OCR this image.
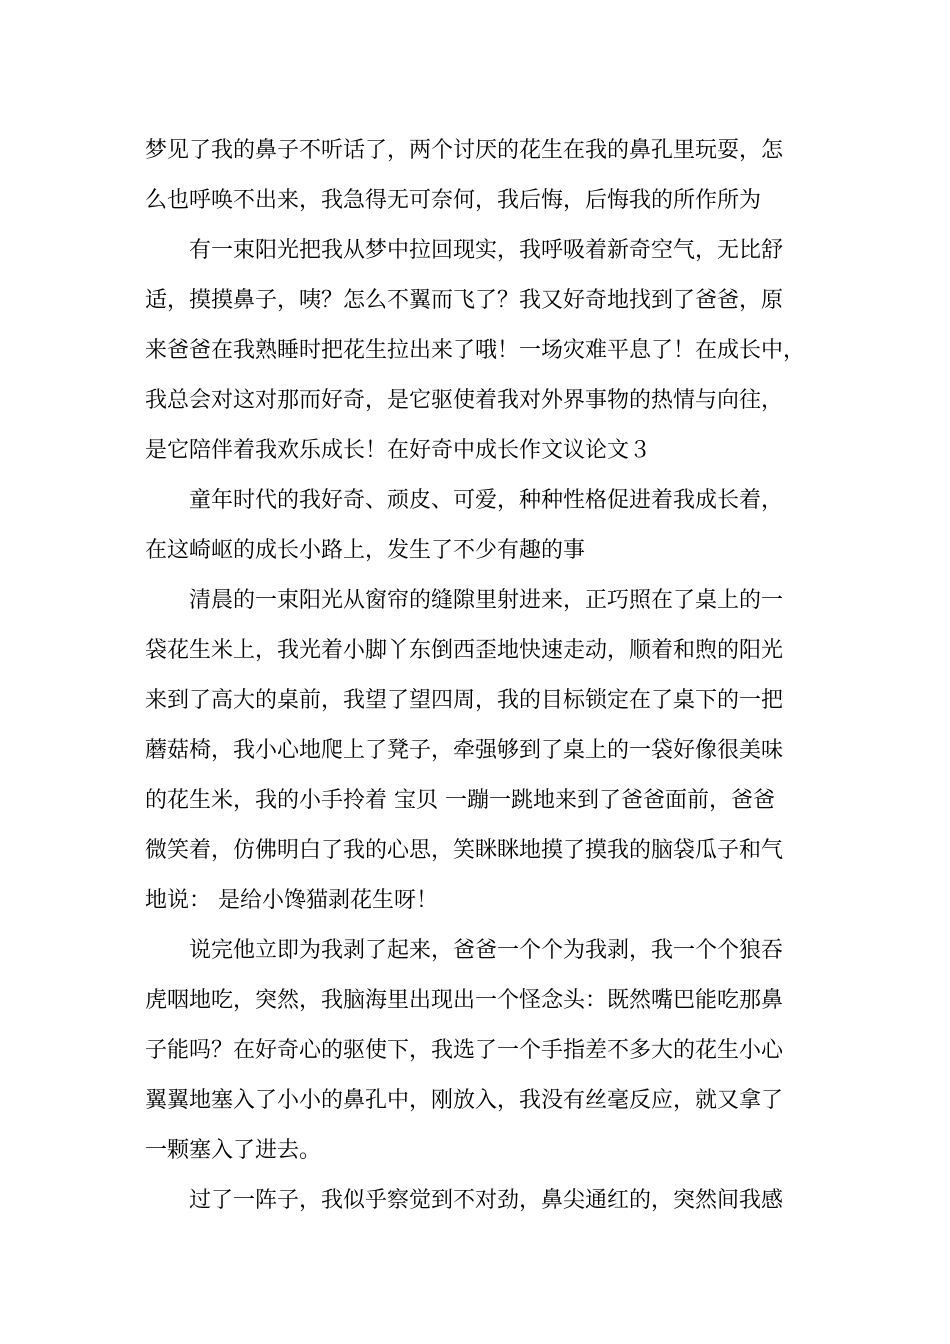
梦见了我的鼻子不听话了，两个讨厌的花生在我的鼻孔里玩耍，怎
么也呼唤不出来，我急得无可奈何，我后悔，后悔我的所作所为
有一束阳光把我从梦中拉回现实，我呼吸着新奇空气，无比舒
适，摸摸鼻子，咦？怎么不翼而飞了？我又好奇地找到了爸爸，原
来爸爸在我熟睡时把花生拉出来了哦！一场灾难平息了！在成长中，
我总会对这对那而好奇，是它驱使着我对外界事物的热情与向往，
是它陪伴着我欢乐成长！在好奇中成长作文议论文３
童年时代的我好奇、顽皮、可爱，种种性格促进着我成长着，
在这崎岖的成长小路上，发生了不少有趣的事
清晨的一束阳光从窗帘的缝隙里射进来，正巧照在了桌上的一
袋花生米上，我光着小脚丫东倒西歪地快速走动，顺着和煦的阳光
来到了高大的桌前，我望了望四周，我的目标锁定在了桌下的一把
蘑菇椅，我小心地爬上了凳子，牵强够到了桌上的一袋好像很美味
的花生米，我的小手拎着 宝贝 一蹦一跳地来到了爸爸面前，爸爸
微笑着，仿佛明白了我的心思，笑眯眯地摸了摸我的脑袋瓜子和气
地说： 是给小馋猫剥花生呀！
说完他立即为我剥了起来，爸爸一个个为我剥，我一个个狼吞
虎咽地吃，突然，我脑海里出现出一个怪念头：既然嘴巴能吃那鼻
子能吗？在好奇心的驱使下，我选了一个手指差不多大的花生小心
翼翼地塞入了小小的鼻孔中，刚放入，我没有丝毫反应，就又拿了
一颗塞入了进去。
过了一阵子，我似乎察觉到不对劲，鼻尖通红的，突然间我感
